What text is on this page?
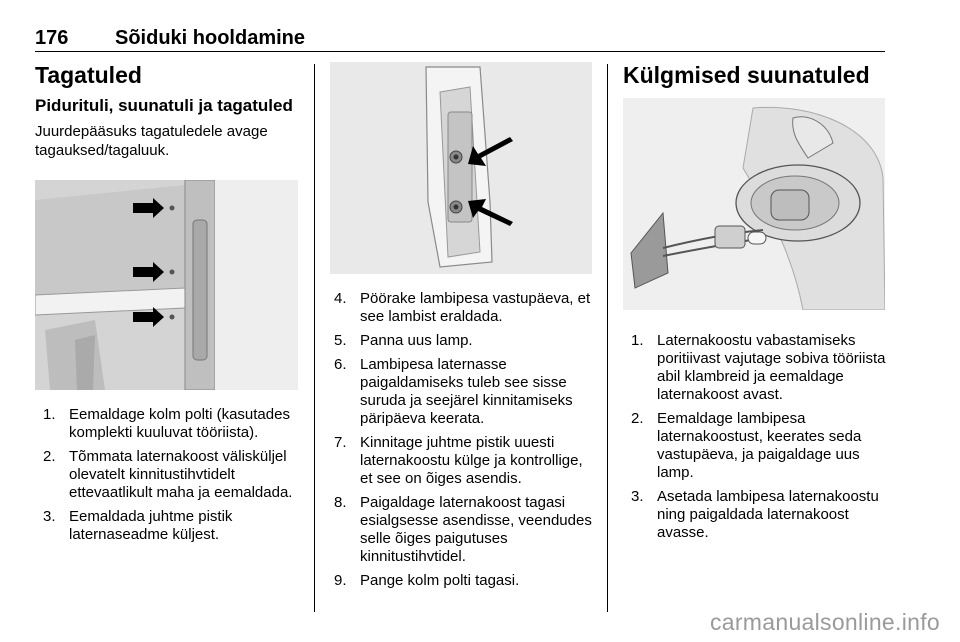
176 Sõiduki hooldamine
Tagatuled
Pidurituli, suunatuli ja tagatuled

Juurdepääsuks tagatuledele avage tagauksed/tagaluuk.

1. Eemaldage kolm polti (kasutades komplekti kuuluvat tööriista).
2. Tõmmata laternakoost välisküljel olevatelt kinnitustihvtidelt ettevaatlikult maha ja eemaldada.
3. Eemaldada juhtme pistik laternaseadme küljest.
4. Pöörake lambipesa vastupäeva, et see lambist eraldada.
5. Panna uus lamp.
6. Lambipesa laternasse paigaldamiseks tuleb see sisse suruda ja seejärel kinnitamiseks päripäeva keerata.
7. Kinnitage juhtme pistik uuesti laternakoostu külge ja kontrollige, et see on õiges asendis.
8. Paigaldage laternakoost tagasi esialgsesse asendisse, veendudes selle õiges paigutuses kinnitustihvtidel.
9. Pange kolm polti tagasi.
Külgmised suunatuled
1. Laternakoostu vabastamiseks poritiivast vajutage sobiva tööriista abil klambreid ja eemaldage laternakoost avast.
2. Eemaldage lambipesa laternakoostust, keerates seda vastupäeva, ja paigaldage uus lamp.
3. Asetada lambipesa laternakoostu ning paigaldada laternakoost avasse.
carmanualsonline.info
